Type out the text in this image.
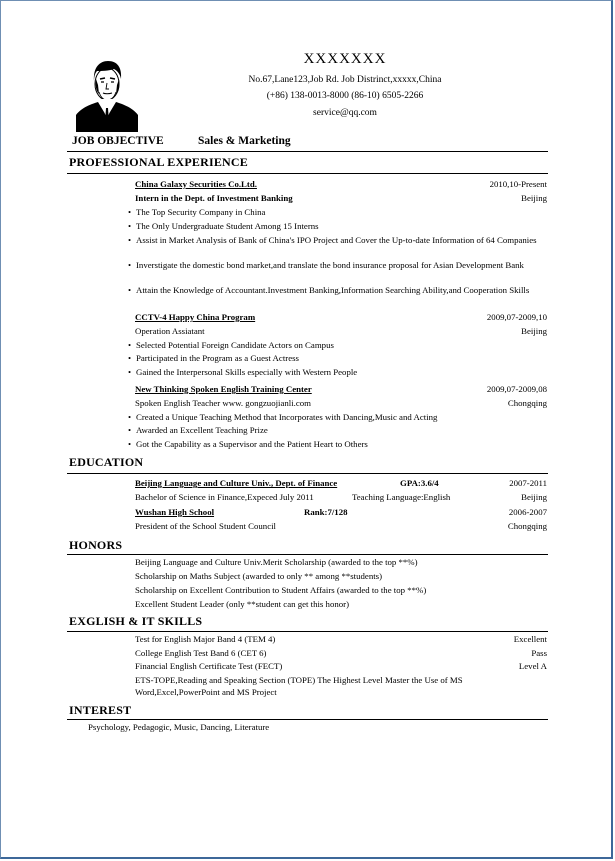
XXXXXXX
No.67,Lane123,Job Rd. Job Distrinct,xxxxx,China
(+86) 138-0013-8000 (86-10) 6505-2266
service@qq.com
JOB OBJECTIVE	Sales & Marketing
PROFESSIONAL EXPERIENCE
China Galaxy Securities Co.Ltd.	2010,10-Present
Intern in the Dept. of Investment Banking	Beijing
• The Top Security Company in China
• The Only Undergraduate Student Among 15 Interns
• Assist in Market Analysis of Bank of China's IPO Project and Cover the Up-to-date Information of 64 Companies
• Inverstigate the domestic bond market,and translate the bond insurance proposal for Asian Development Bank
• Attain the Knowledge of Accountant.Investment Banking,Information Searching Ability,and Cooperation Skills
CCTV-4 Happy China Program	2009,07-2009,10
Operation Assiatant	Beijing
• Selected Potential Foreign Candidate Actors on Campus
• Participated in the Program as a Guest Actress
• Gained the Interpersonal Skills especially with Western People
New Thinking Spoken English Training Center	2009,07-2009,08
Spoken English Teacher www. gongzuojianli.com	Chongqing
• Created a Unique Teaching Method that Incorporates with Dancing,Music and Acting
• Awarded an Excellent Teaching Prize
• Got the Capability as a Supervisor and the Patient Heart to Others
EDUCATION
Beijing Language and Culture Univ., Dept. of Finance	GPA:3.6/4	2007-2011
Bachelor of Science in Finance,Expeced July 2011	Teaching Language:English	Beijing
Wushan High School	Rank:7/128	2006-2007
President of the School Student Council	Chongqing
HONORS
Beijing Language and Culture Univ.Merit Scholarship (awarded to the top **%)
Scholarship on Maths Subject (awarded to only ** among **students)
Scholarship on Excellent Contribution to Student Affairs (awarded to the top **%)
Excellent Student Leader (only **student can get this honor)
EXGLISH & IT SKILLS
Test for English Major Band 4 (TEM 4)	Excellent
College English Test Band 6 (CET 6)	Pass
Financial English Certificate Test (FECT)	Level A
ETS-TOPE,Reading and Speaking Section (TOPE) The Highest Level Master the Use of MS
Word,Excel,PowerPoint and MS Project
INTEREST
Psychology, Pedagogic, Music, Dancing, Literature
